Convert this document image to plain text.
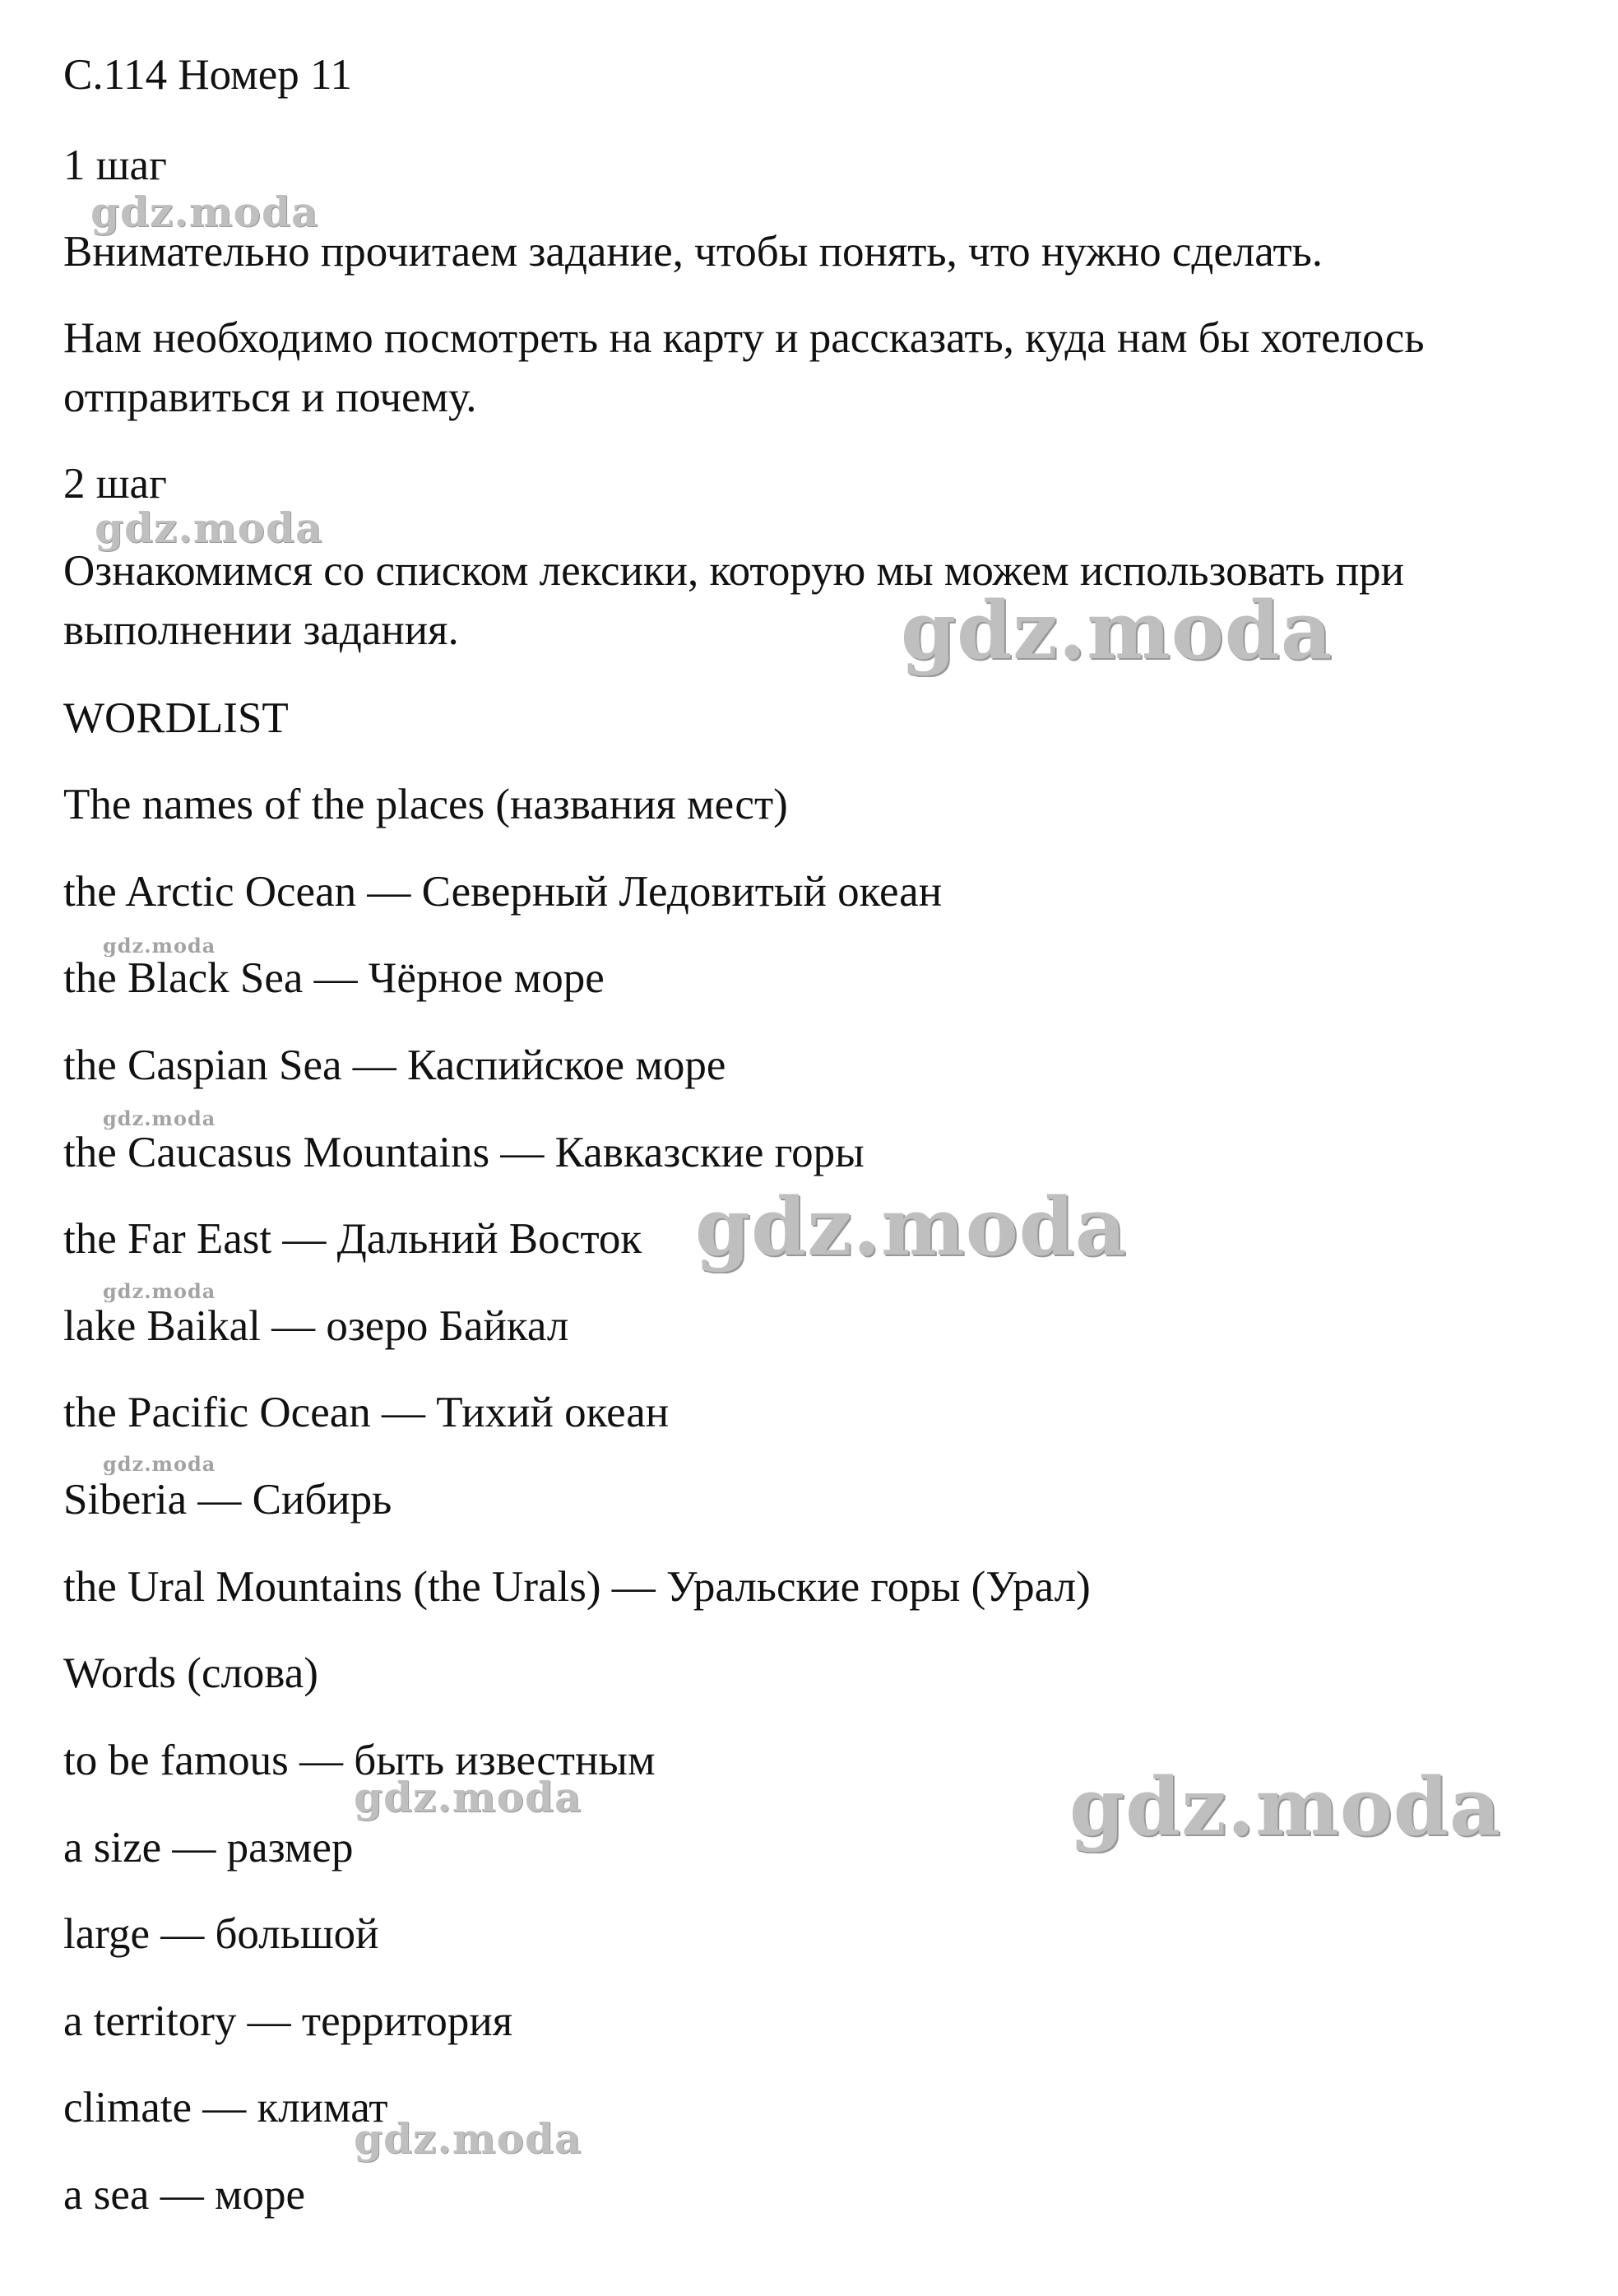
С.114 Номер 11

1 шаг

Внимательно прочитаем задание, чтобы понять, что нужно сделать.

Нам необходимо посмотреть на карту и рассказать, куда нам бы хотелось

отправиться и почему.

2 шаг

Ознакомимся со списком лексики, которую мы можем использовать при

выполнении задания.

WORDLIST

The names of the places (названия мест)

the Arctic Ocean — Северный Ледовитый океан

the Black Sea — Чёрное море

the Caspian Sea — Каспийское море

the Caucasus Mountains — Кавказские горы

the Far East — Дальний Восток

lake Baikal — озеро Байкал

the Pacific Ocean — Тихий океан

Siberia — Сибирь

the Ural Mountains (the Urals) — Уральские горы (Урал)

Words (слова)

to be famous — быть известным

a size — размер

large — большой

a territory — территория

climate — климат

a sea — море

gdz.moda
gdz.moda
gdz.moda
gdz.moda
gdz.moda
gdz.moda
gdz.moda
gdz.moda
gdz.moda	gdz.moda
gdz.moda
